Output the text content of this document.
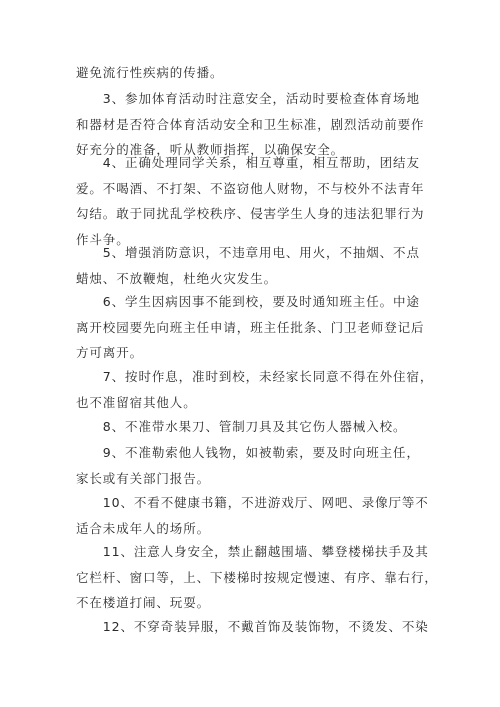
避免流行性疾病的传播。
　　3、参加体育活动时注意安全，活动时要检查体育场地
和器材是否符合体育活动安全和卫生标准，剧烈活动前要作
好充分的准备，听从教师指挥，以确保安全。
　　4、正确处理同学关系，相互尊重，相互帮助，团结友
爱。不喝酒、不打架、不盗窃他人财物，不与校外不法青年
勾结。敢于同扰乱学校秩序、侵害学生人身的违法犯罪行为
作斗争。
　　5、增强消防意识，不违章用电、用火，不抽烟、不点
蜡烛、不放鞭炮，杜绝火灾发生。
　　6、学生因病因事不能到校，要及时通知班主任。中途
离开校园要先向班主任申请，班主任批条、门卫老师登记后
方可离开。
　　7、按时作息，准时到校，未经家长同意不得在外住宿，
也不准留宿其他人。
　　8、不准带水果刀、管制刀具及其它伤人器械入校。
　　9、不准勒索他人钱物，如被勒索，要及时向班主任，
家长或有关部门报告。
　　10、不看不健康书籍，不进游戏厅、网吧、录像厅等不
适合未成年人的场所。
　　11、注意人身安全，禁止翻越围墙、攀登楼梯扶手及其
它栏杆、窗口等，上、下楼梯时按规定慢速、有序、靠右行，
不在楼道打闹、玩耍。
　　12、不穿奇装异服，不戴首饰及装饰物，不烫发、不染
